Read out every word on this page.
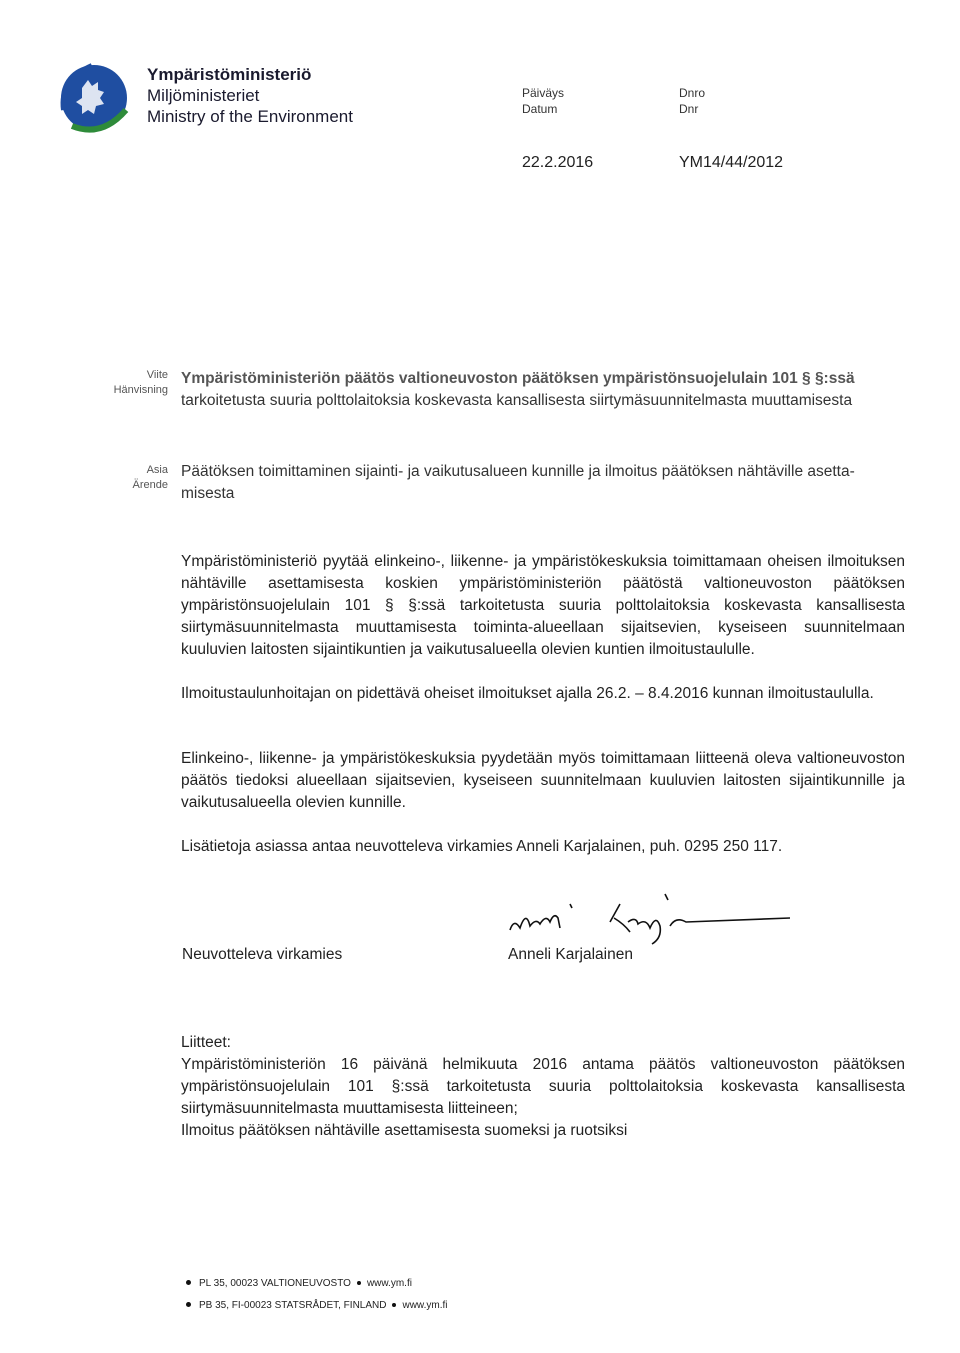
Ympäristöministeriö
Miljöministeriet
Ministry of the Environment
Päiväys
Datum
Dnro
Dnr
22.2.2016	YM14/44/2012
Viite
Hänvisning
Ympäristöministeriön päätös valtioneuvoston päätöksen ympäristönsuojelulain 101 § §:ssä
tarkoitetusta suuria polttolaitoksia koskevasta kansallisesta siirtymäsuunnitelmasta muuttamisesta
Asia
Ärende
Päätöksen toimittaminen sijainti- ja vaikutusalueen kunnille ja ilmoitus päätöksen nähtäville asetta-
misesta
Ympäristöministeriö pyytää elinkeino-, liikenne- ja ympäristökeskuksia toimittamaan oheisen ilmoituksen nähtäville asettamisesta koskien ympäristöministeriön päätöstä valtioneuvoston päätöksen ympäristönsuojelulain 101 § §:ssä tarkoitetusta suuria polttolaitoksia koskevasta kansallisesta siirtymäsuunnitelmasta muuttamisesta toiminta-alueellaan sijaitsevien, kyseiseen suunnitelmaan kuuluvien laitosten sijaintikuntien ja vaikutusalueella olevien kuntien ilmoitustaululle.
Ilmoitustaulunhoitajan on pidettävä oheiset ilmoitukset ajalla 26.2. – 8.4.2016 kunnan ilmoitustaululla.
Elinkeino-, liikenne- ja ympäristökeskuksia pyydetään myös toimittamaan liitteenä oleva valtioneuvoston päätös tiedoksi alueellaan sijaitsevien, kyseiseen suunnitelmaan kuuluvien laitosten sijaintikunnille ja vaikutusalueella olevien kunnille.
Lisätietoja asiassa antaa neuvotteleva virkamies Anneli Karjalainen, puh. 0295 250 117.
Neuvotteleva virkamies	Anneli Karjalainen
Liitteet:
Ympäristöministeriön 16 päivänä helmikuuta 2016 antama päätös valtioneuvoston päätöksen ympäristönsuojelulain 101 §:ssä tarkoitetusta suuria polttolaitoksia koskevasta kansallisesta siirtymäsuunnitelmasta muuttamisesta liitteineen;
Ilmoitus päätöksen nähtäville asettamisesta suomeksi ja ruotsiksi
PL 35, 00023 VALTIONEUVOSTO www.ym.fi
PB 35, FI-00023 STATSRÅDET, FINLAND www.ym.fi
